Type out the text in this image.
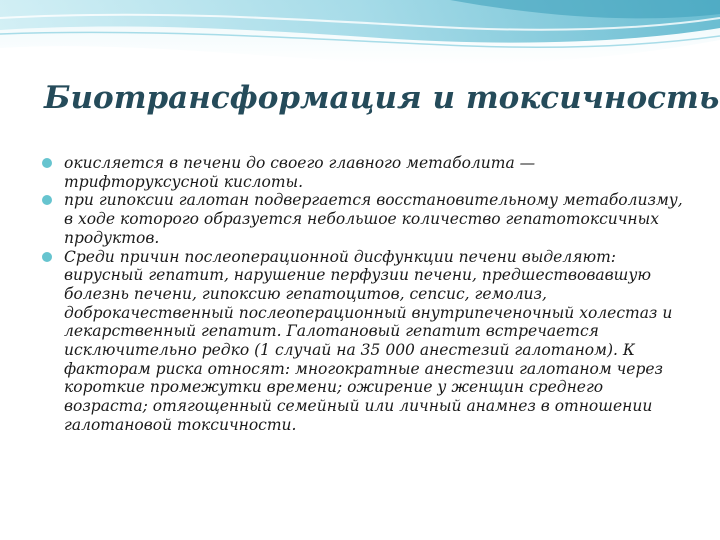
Биотрансформация и токсичность
окисляется в печени до своего главного метаболита — трифторуксусной кислоты.
при гипоксии галотан подвергается восстановительному метаболизму, в ходе которого образуется небольшое количество гепатотоксичных продуктов.
Среди причин послеоперационной дисфункции печени выделяют: вирусный гепатит, нарушение перфузии печени, предшествовавшую болезнь печени, гипоксию гепатоцитов, сепсис, гемолиз, доброкачественный послеоперационный внутрипеченочный холестаз и лекарственный гепатит. Галотановый гепатит встречается исключительно редко (1 случай на 35 000 анестезий галотаном). К факторам риска относят: многократные анестезии галотаном через короткие промежутки времени; ожирение у женщин среднего возраста; отягощенный семейный или личный анамнез в отношении галотановой токсичности.
